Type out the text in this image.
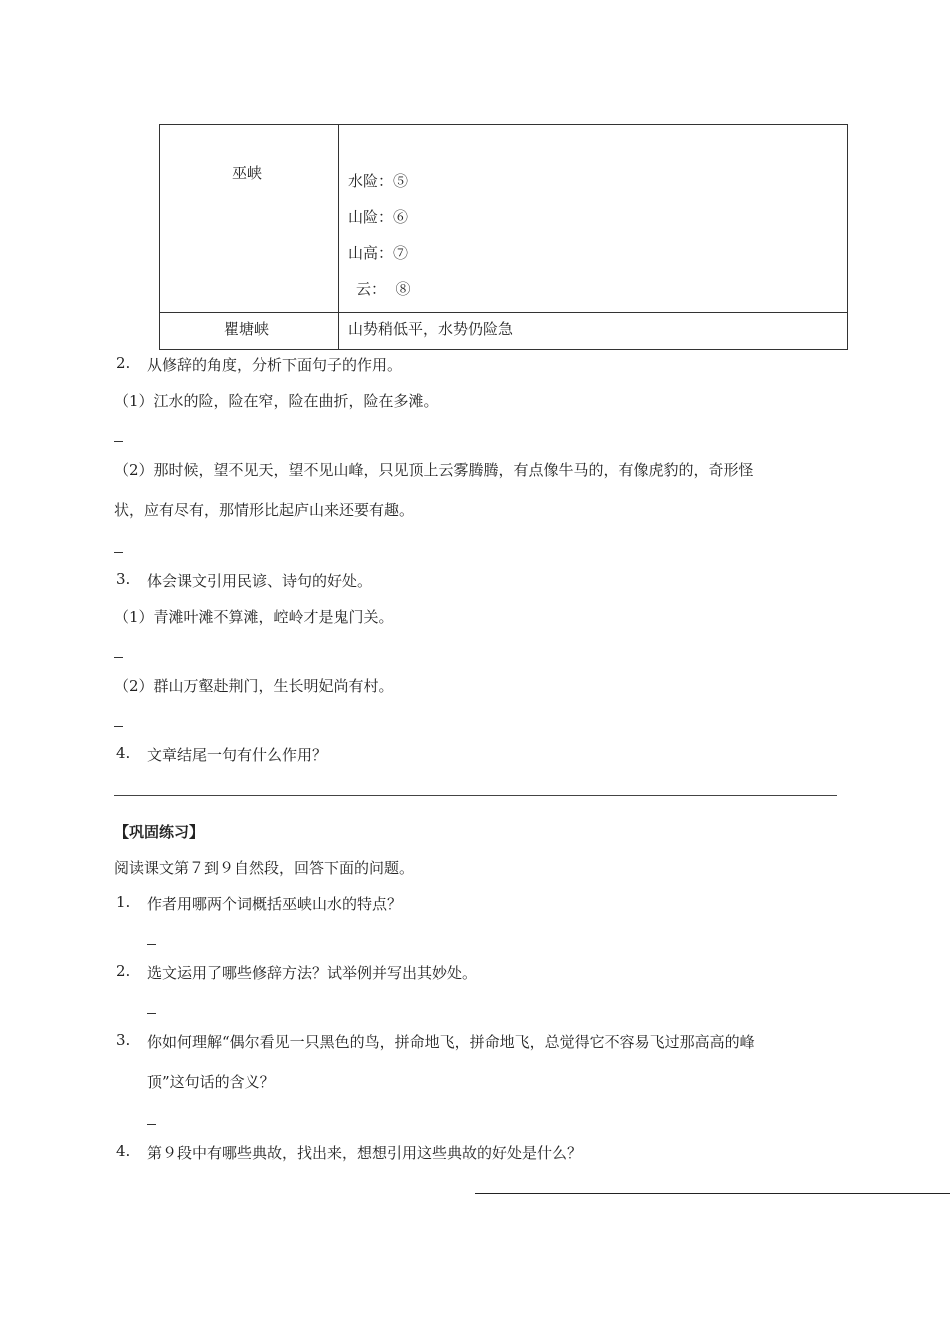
巫峡	水险：⑤
山险：⑥
山高：⑦
云：  ⑧

瞿塘峡	山势稍低平，水势仍险急
2. 从修辞的角度，分析下面句子的作用。
（1）江水的险，险在窄，险在曲折，险在多滩。
（2）那时候，望不见天，望不见山峰，只见顶上云雾腾腾，有点像牛马的，有像虎豹的，奇形怪
状，应有尽有，那情形比起庐山来还要有趣。
3. 体会课文引用民谚、诗句的好处。
（1）青滩叶滩不算滩，崆岭才是鬼门关。
（2）群山万壑赴荆门，生长明妃尚有村。
4. 文章结尾一句有什么作用？
【巩固练习】
阅读课文第７到９自然段，回答下面的问题。
1. 作者用哪两个词概括巫峡山水的特点？
2. 选文运用了哪些修辞方法？试举例并写出其妙处。
3. 你如何理解“偶尔看见一只黑色的鸟，拼命地飞，拼命地飞，总觉得它不容易飞过那高高的峰
顶”这句话的含义？
4. 第９段中有哪些典故，找出来，想想引用这些典故的好处是什么？
